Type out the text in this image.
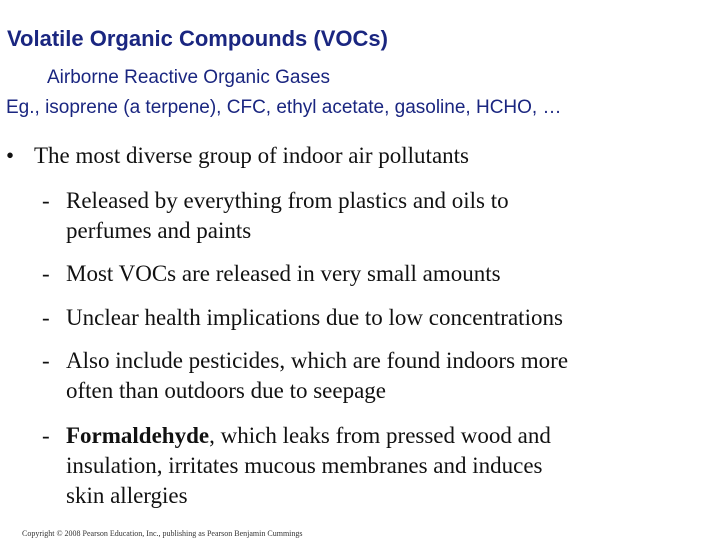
Volatile Organic Compounds (VOCs)
Airborne Reactive Organic Gases
Eg., isoprene (a terpene), CFC, ethyl acetate, gasoline, HCHO, …
• The most diverse group of indoor air pollutants
- Released by everything from plastics and oils to
perfumes and paints
- Most VOCs are released in very small amounts
- Unclear health implications due to low concentrations
- Also include pesticides, which are found indoors more
often than outdoors due to seepage
- Formaldehyde, which leaks from pressed wood and
insulation, irritates mucous membranes and induces
skin allergies
Copyright © 2008 Pearson Education, Inc., publishing as Pearson Benjamin Cummings
